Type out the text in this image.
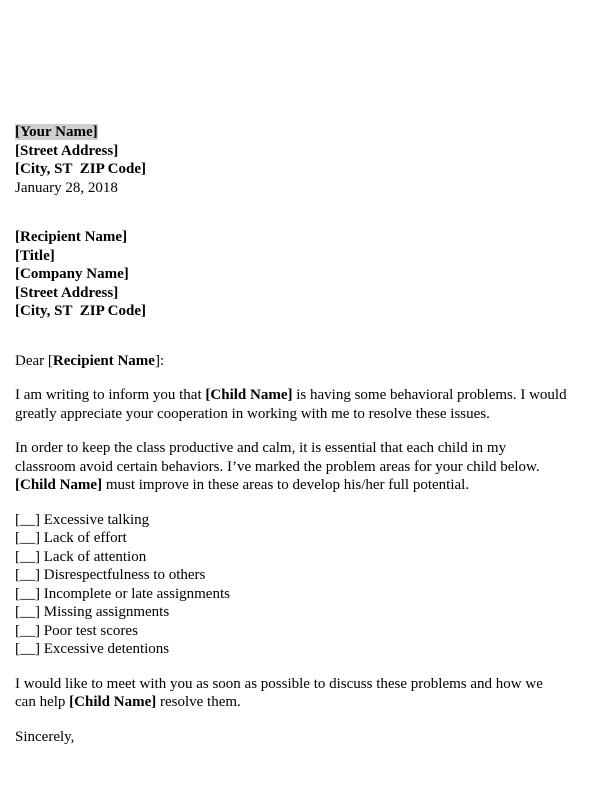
[Your Name]
[Street Address]
[City, ST  ZIP Code]
January 28, 2018
[Recipient Name]
[Title]
[Company Name]
[Street Address]
[City, ST  ZIP Code]
Dear [Recipient Name]:

I am writing to inform you that [Child Name] is having some behavioral problems. I would greatly appreciate your cooperation in working with me to resolve these issues.

In order to keep the class productive and calm, it is essential that each child in my
classroom avoid certain behaviors. I’ve marked the problem areas for your child below.
[Child Name] must improve in these areas to develop his/her full potential.
[__] Excessive talking
[__] Lack of effort
[__] Lack of attention
[__] Disrespectfulness to others
[__] Incomplete or late assignments
[__] Missing assignments
[__] Poor test scores
[__] Excessive detentions
I would like to meet with you as soon as possible to discuss these problems and how we
can help [Child Name] resolve them.
Sincerely,
